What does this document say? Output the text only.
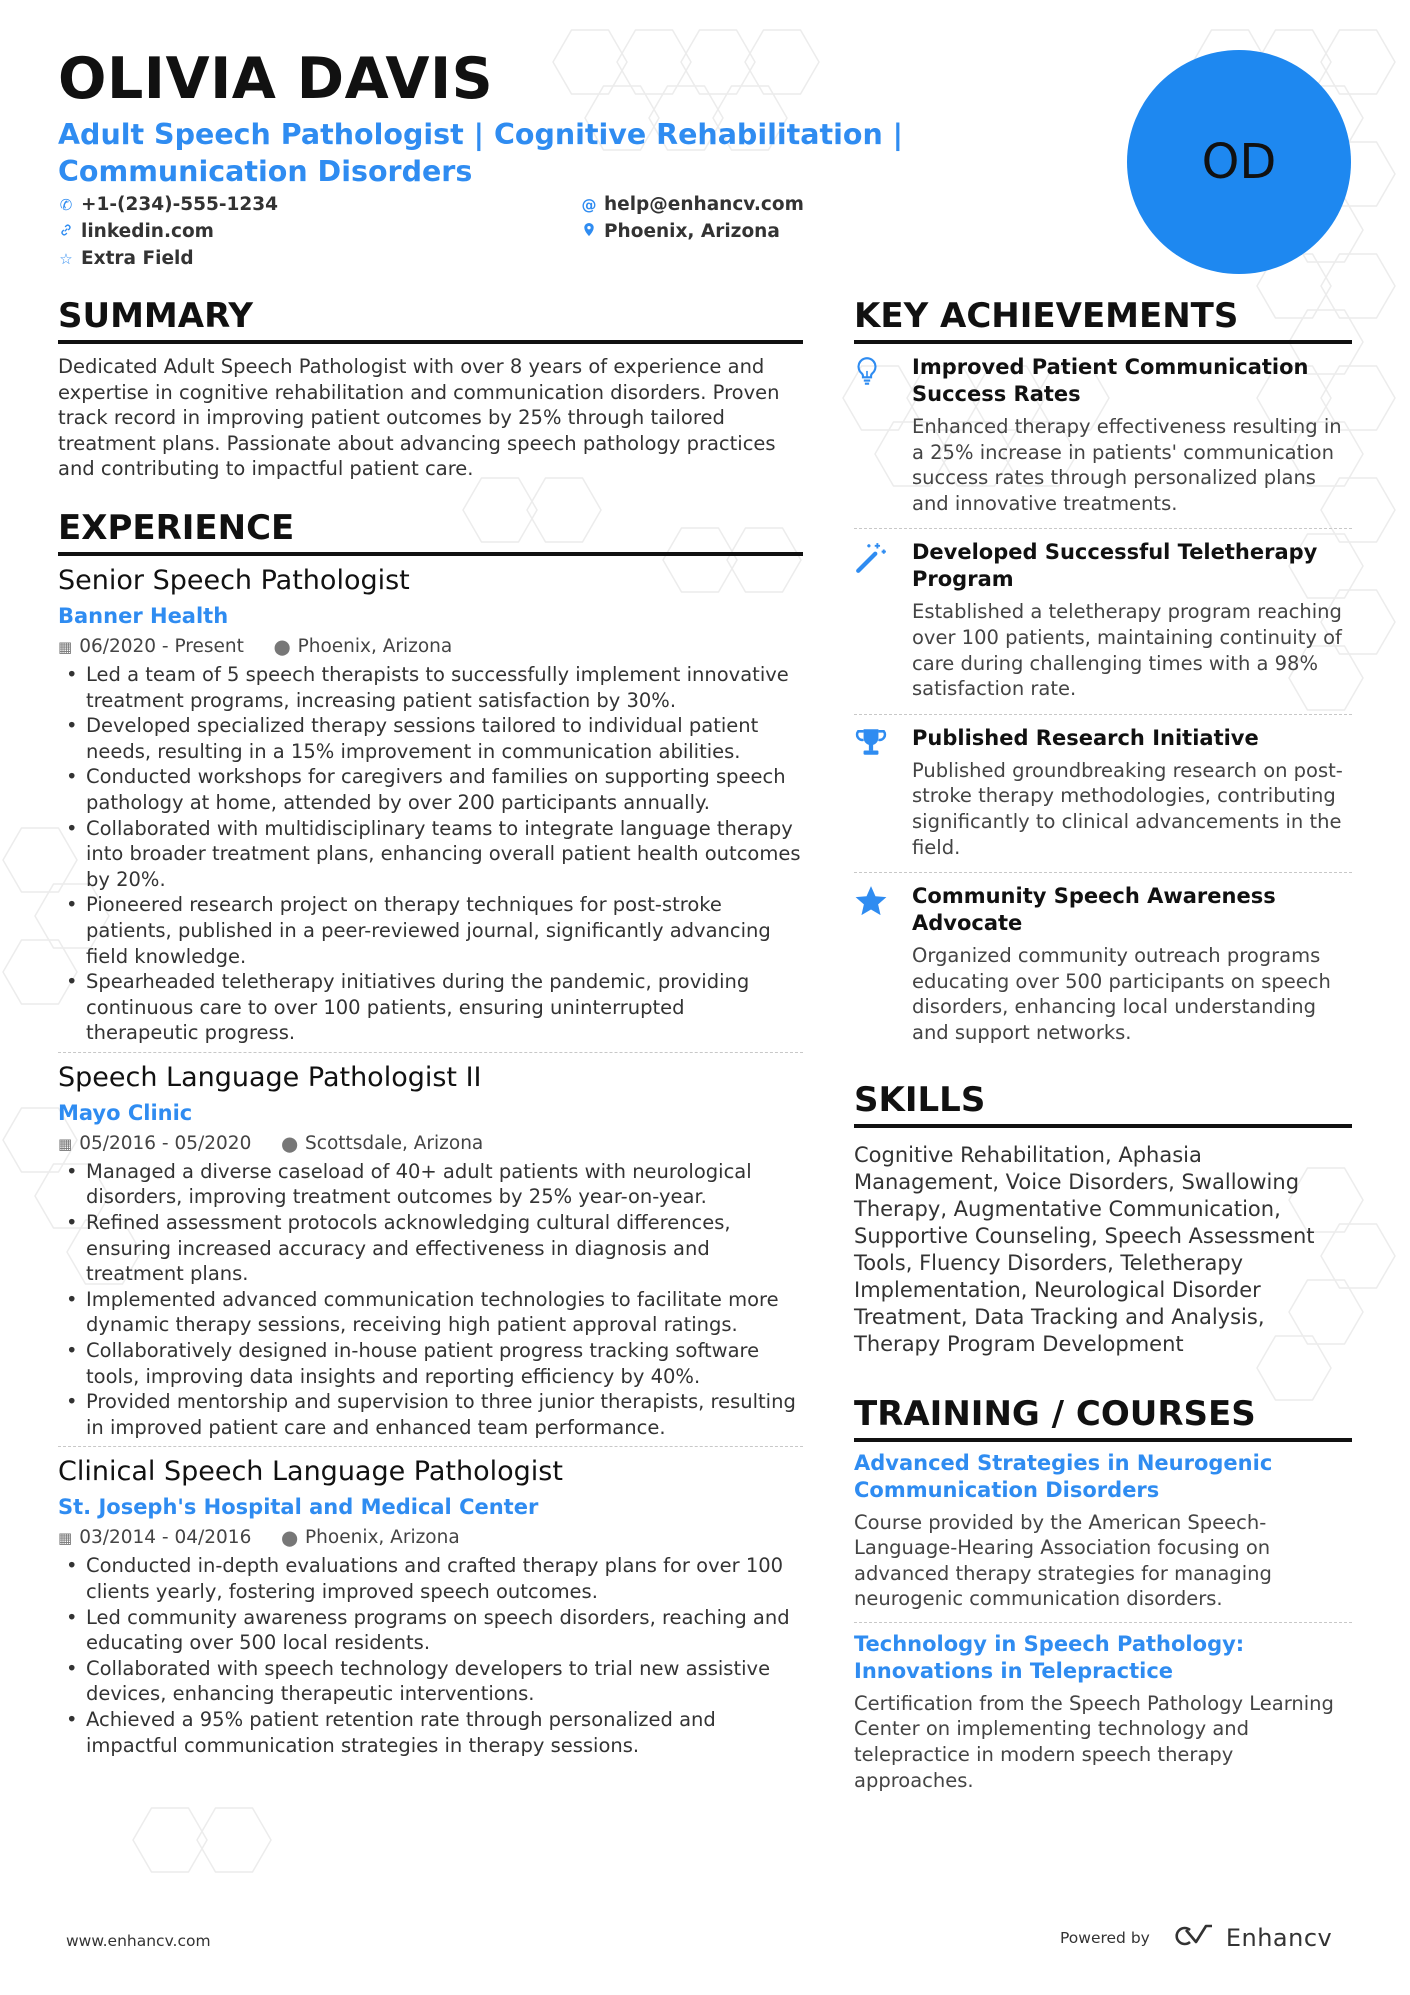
OLIVIA DAVIS

Adult Speech Pathologist | Cognitive Rehabilitation | Communication Disorders

✆ +1-(234)-555-1234	@ help@enhancv.com
linkedin.com	Phoenix, Arizona
☆ Extra Field
OD
SUMMARY

Dedicated Adult Speech Pathologist with over 8 years of experience and expertise in cognitive rehabilitation and communication disorders. Proven track record in improving patient outcomes by 25% through tailored treatment plans. Passionate about advancing speech pathology practices and contributing to impactful patient care.

EXPERIENCE

Senior Speech Pathologist

Banner Health

▦ 06/2020 - Present ⬤ Phoenix, Arizona
• Led a team of 5 speech therapists to successfully implement innovative treatment programs, increasing patient satisfaction by 30%.
• Developed specialized therapy sessions tailored to individual patient needs, resulting in a 15% improvement in communication abilities.
• Conducted workshops for caregivers and families on supporting speech pathology at home, attended by over 200 participants annually.
• Collaborated with multidisciplinary teams to integrate language therapy into broader treatment plans, enhancing overall patient health outcomes by 20%.
• Pioneered research project on therapy techniques for post-stroke patients, published in a peer-reviewed journal, significantly advancing field knowledge.
• Spearheaded teletherapy initiatives during the pandemic, providing continuous care to over 100 patients, ensuring uninterrupted therapeutic progress.

Speech Language Pathologist II

Mayo Clinic

▦ 05/2016 - 05/2020 ⬤ Scottsdale, Arizona
• Managed a diverse caseload of 40+ adult patients with neurological disorders, improving treatment outcomes by 25% year-on-year.
• Refined assessment protocols acknowledging cultural differences, ensuring increased accuracy and effectiveness in diagnosis and treatment plans.
• Implemented advanced communication technologies to facilitate more dynamic therapy sessions, receiving high patient approval ratings.
• Collaboratively designed in-house patient progress tracking software tools, improving data insights and reporting efficiency by 40%.
• Provided mentorship and supervision to three junior therapists, resulting in improved patient care and enhanced team performance.

Clinical Speech Language Pathologist

St. Joseph's Hospital and Medical Center

▦ 03/2014 - 04/2016 ⬤ Phoenix, Arizona
• Conducted in-depth evaluations and crafted therapy plans for over 100 clients yearly, fostering improved speech outcomes.
• Led community awareness programs on speech disorders, reaching and educating over 500 local residents.
• Collaborated with speech technology developers to trial new assistive devices, enhancing therapeutic interventions.
• Achieved a 95% patient retention rate through personalized and impactful communication strategies in therapy sessions.
KEY ACHIEVEMENTS

Improved Patient Communication Success Rates

Enhanced therapy effectiveness resulting in a 25% increase in patients' communication success rates through personalized plans and innovative treatments.

Developed Successful Teletherapy Program

Established a teletherapy program reaching over 100 patients, maintaining continuity of care during challenging times with a 98% satisfaction rate.

Published Research Initiative

Published groundbreaking research on post-stroke therapy methodologies, contributing significantly to clinical advancements in the field.

Community Speech Awareness Advocate

Organized community outreach programs educating over 500 participants on speech disorders, enhancing local understanding and support networks.

SKILLS

Cognitive Rehabilitation, Aphasia Management, Voice Disorders, Swallowing Therapy, Augmentative Communication, Supportive Counseling, Speech Assessment Tools, Fluency Disorders, Teletherapy Implementation, Neurological Disorder Treatment, Data Tracking and Analysis, Therapy Program Development

TRAINING / COURSES

Advanced Strategies in Neurogenic Communication Disorders

Course provided by the American Speech-Language-Hearing Association focusing on advanced therapy strategies for managing neurogenic communication disorders.

Technology in Speech Pathology: Innovations in Telepractice

Certification from the Speech Pathology Learning Center on implementing technology and telepractice in modern speech therapy approaches.

www.enhancv.com	Powered by	Enhancv
